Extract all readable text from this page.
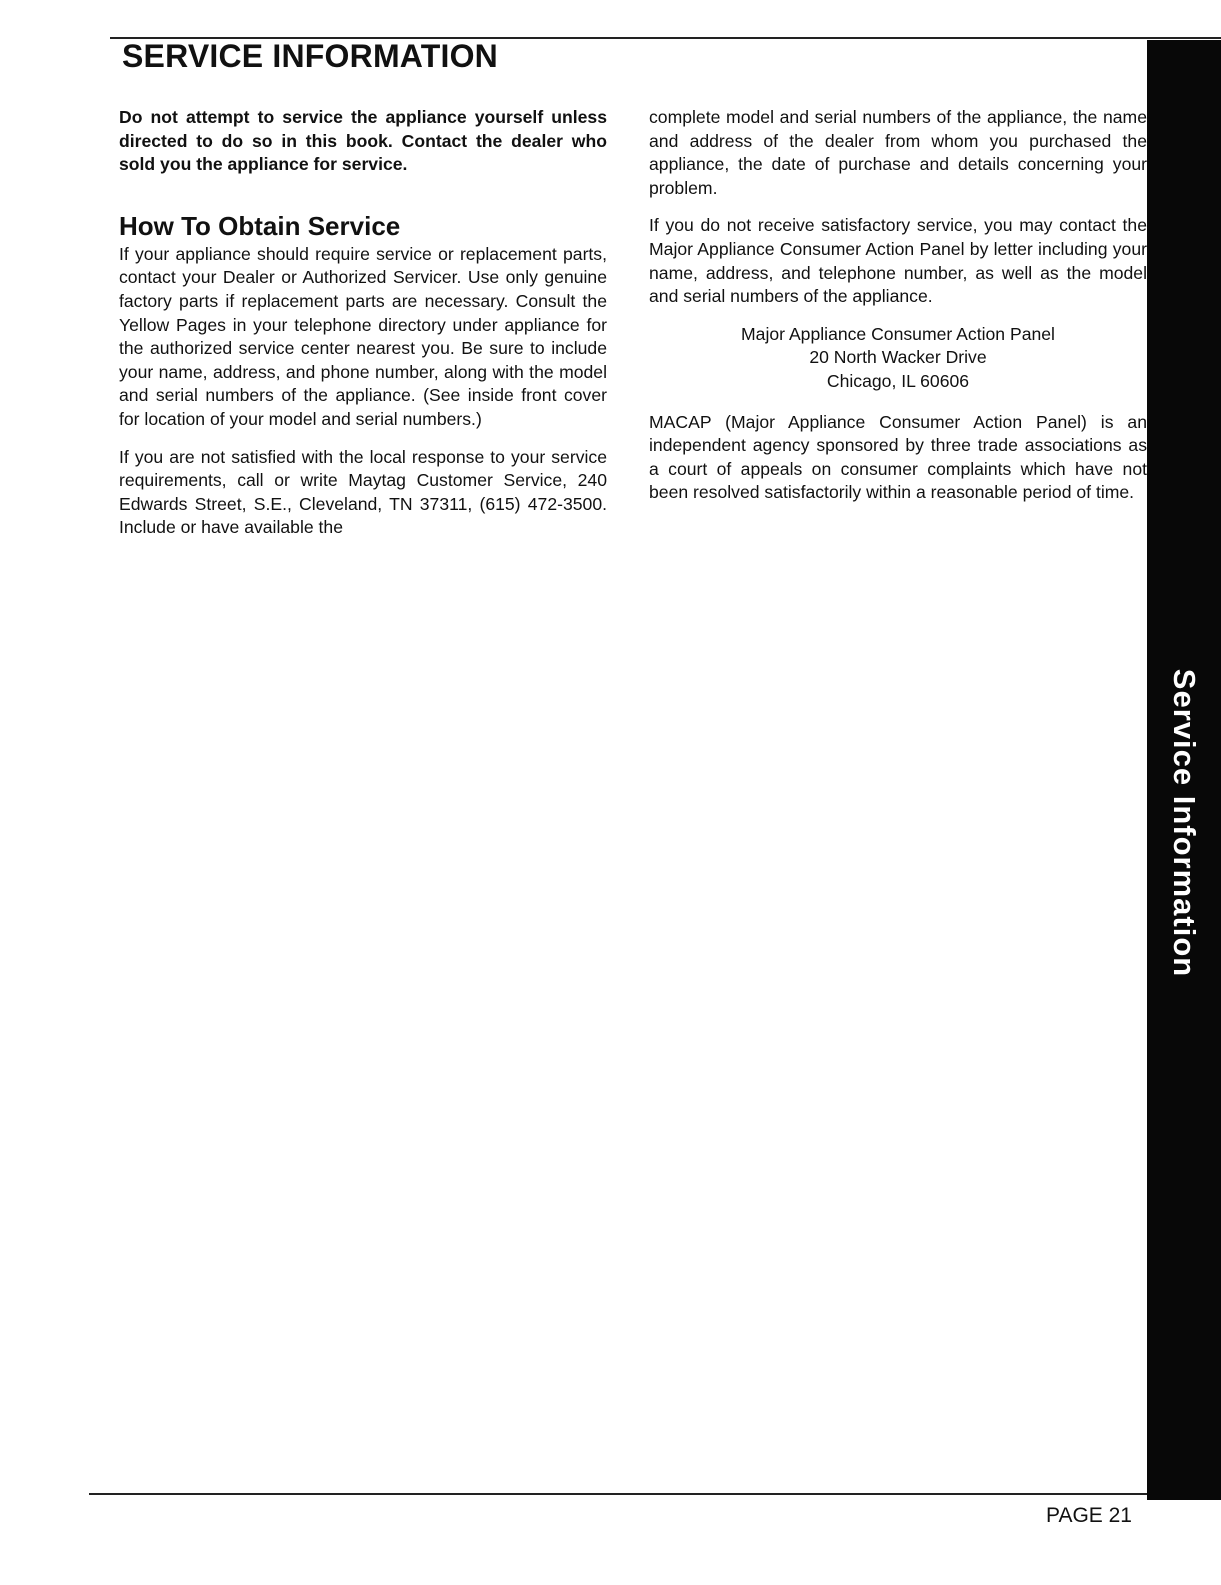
SERVICE INFORMATION

Do not attempt to service the appliance yourself unless directed to do so in this book. Contact the dealer who sold you the appliance for service.

How To Obtain Service

If your appliance should require service or replacement parts, contact your Dealer or Authorized Servicer. Use only genuine factory parts if replacement parts are necessary. Consult the Yellow Pages in your telephone directory under appliance for the authorized service center nearest you. Be sure to include your name, address, and phone number, along with the model and serial numbers of the appliance. (See inside front cover for location of your model and serial numbers.)

If you are not satisfied with the local response to your service requirements, call or write Maytag Customer Service, 240 Edwards Street, S.E., Cleveland, TN 37311, (615) 472-3500. Include or have available the

complete model and serial numbers of the appliance, the name and address of the dealer from whom you purchased the appliance, the date of purchase and details concerning your problem.

If you do not receive satisfactory service, you may contact the Major Appliance Consumer Action Panel by letter including your name, address, and telephone number, as well as the model and serial numbers of the appliance.

Major Appliance Consumer Action Panel
20 North Wacker Drive
Chicago, IL 60606

MACAP (Major Appliance Consumer Action Panel) is an independent agency sponsored by three trade associations as a court of appeals on consumer complaints which have not been resolved satisfactorily within a reasonable period of time.

Service Information
PAGE 21
